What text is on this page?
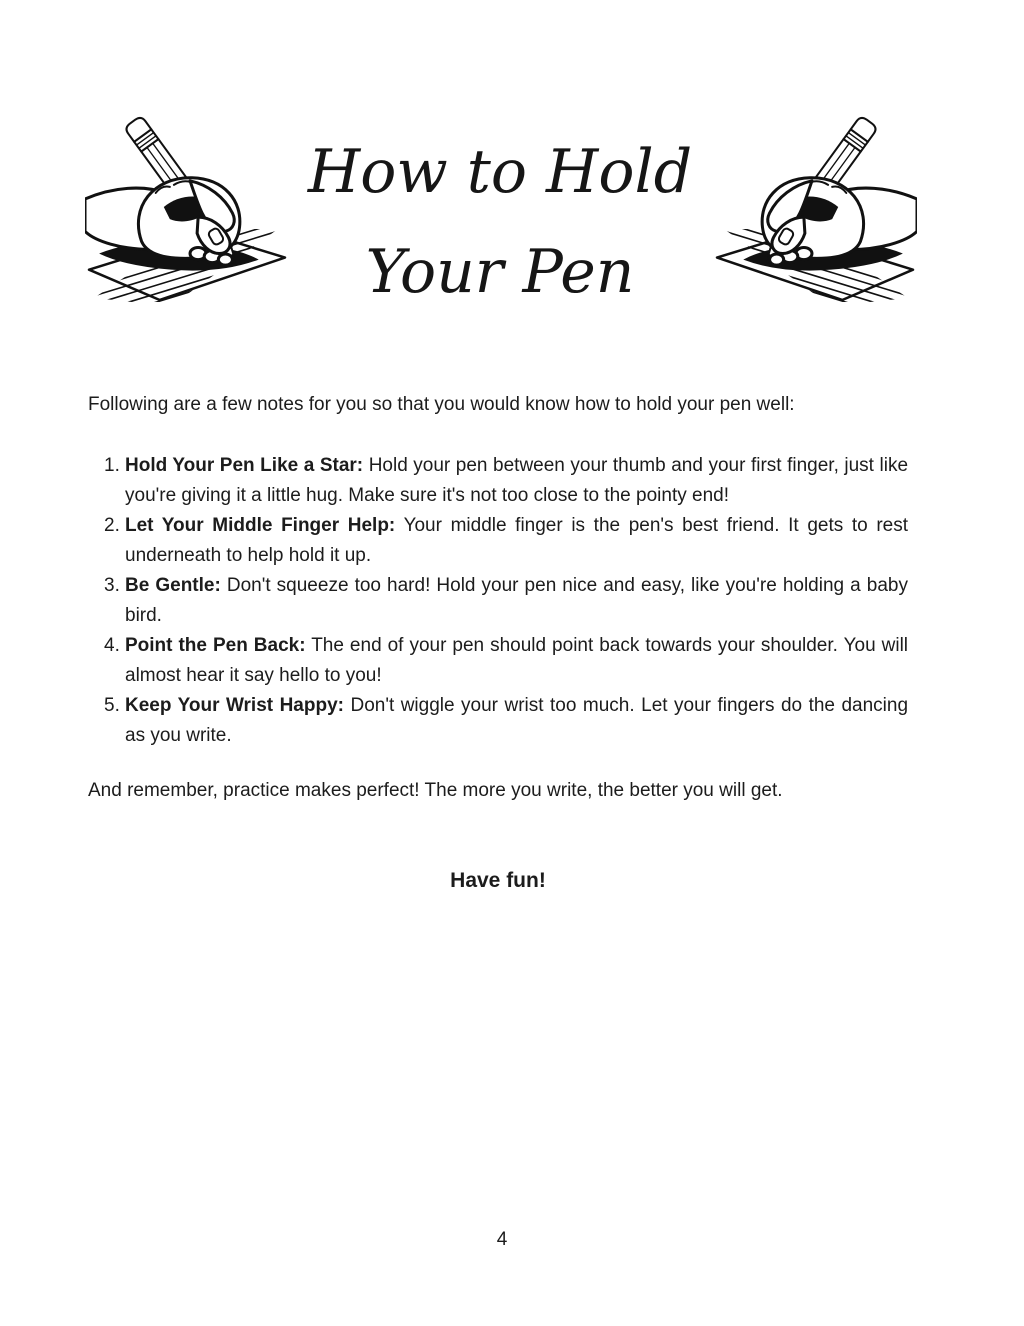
How to Hold
Your Pen

Following are a few notes for you so that you would know how to hold your pen well:

1. Hold Your Pen Like a Star: Hold your pen between your thumb and your first finger, just like you're giving it a little hug. Make sure it's not too close to the pointy end!
2. Let Your Middle Finger Help: Your middle finger is the pen's best friend. It gets to rest underneath to help hold it up.
3. Be Gentle: Don't squeeze too hard! Hold your pen nice and easy, like you're holding a baby bird.
4. Point the Pen Back: The end of your pen should point back towards your shoulder. You will almost hear it say hello to you!
5. Keep Your Wrist Happy: Don't wiggle your wrist too much. Let your fingers do the dancing as you write.

And remember, practice makes perfect! The more you write, the better you will get.

Have fun!

4
